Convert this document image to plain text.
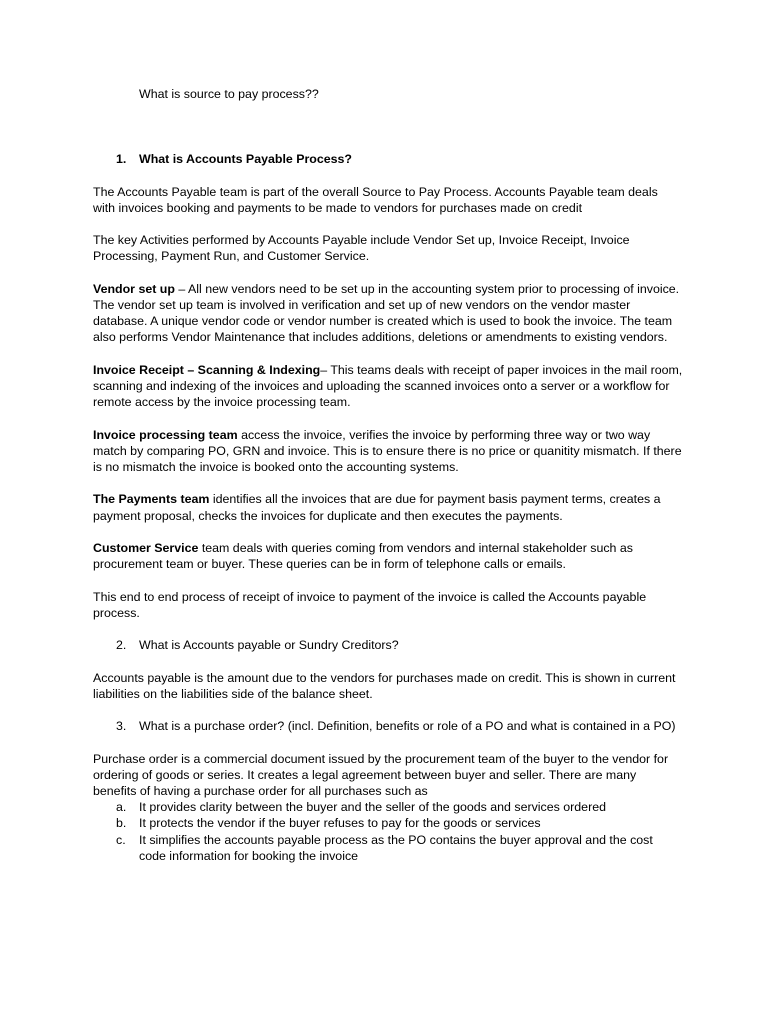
What is source to pay process??

1. What is Accounts Payable Process?

The Accounts Payable team is part of the overall Source to Pay Process. Accounts Payable team deals with invoices booking and payments to be made to vendors for purchases made on credit

The key Activities performed by Accounts Payable include Vendor Set up, Invoice Receipt, Invoice Processing, Payment Run, and Customer Service.

Vendor set up – All new vendors need to be set up in the accounting system prior to processing of invoice. The vendor set up team is involved in verification and set up of new vendors on the vendor master database. A unique vendor code or vendor number is created which is used to book the invoice. The team also performs Vendor Maintenance that includes additions, deletions or amendments to existing vendors.

Invoice Receipt – Scanning & Indexing– This teams deals with receipt of paper invoices in the mail room, scanning and indexing of the invoices and uploading the scanned invoices onto a server or a workflow for remote access by the invoice processing team.

Invoice processing team access the invoice, verifies the invoice by performing three way or two way match by comparing PO, GRN and invoice. This is to ensure there is no price or quanitity mismatch. If there is no mismatch the invoice is booked onto the accounting systems.

The Payments team identifies all the invoices that are due for payment basis payment terms, creates a payment proposal, checks the invoices for duplicate and then executes the payments.

Customer Service team deals with queries coming from vendors and internal stakeholder such as procurement team or buyer. These queries can be in form of telephone calls or emails.

This end to end process of receipt of invoice to payment of the invoice is called the Accounts payable process.

2. What is Accounts payable or Sundry Creditors?

Accounts payable is the amount due to the vendors for purchases made on credit. This is shown in current liabilities on the liabilities side of the balance sheet.

3. What is a purchase order? (incl. Definition, benefits or role of a PO and what is contained in a PO)

Purchase order is a commercial document issued by the procurement team of the buyer to the vendor for ordering of goods or series. It creates a legal agreement between buyer and seller. There are many benefits of having a purchase order for all purchases such as

a. It provides clarity between the buyer and the seller of the goods and services ordered
b. It protects the vendor if the buyer refuses to pay for the goods or services
c. It simplifies the accounts payable process as the PO contains the buyer approval and the cost code information for booking the invoice
